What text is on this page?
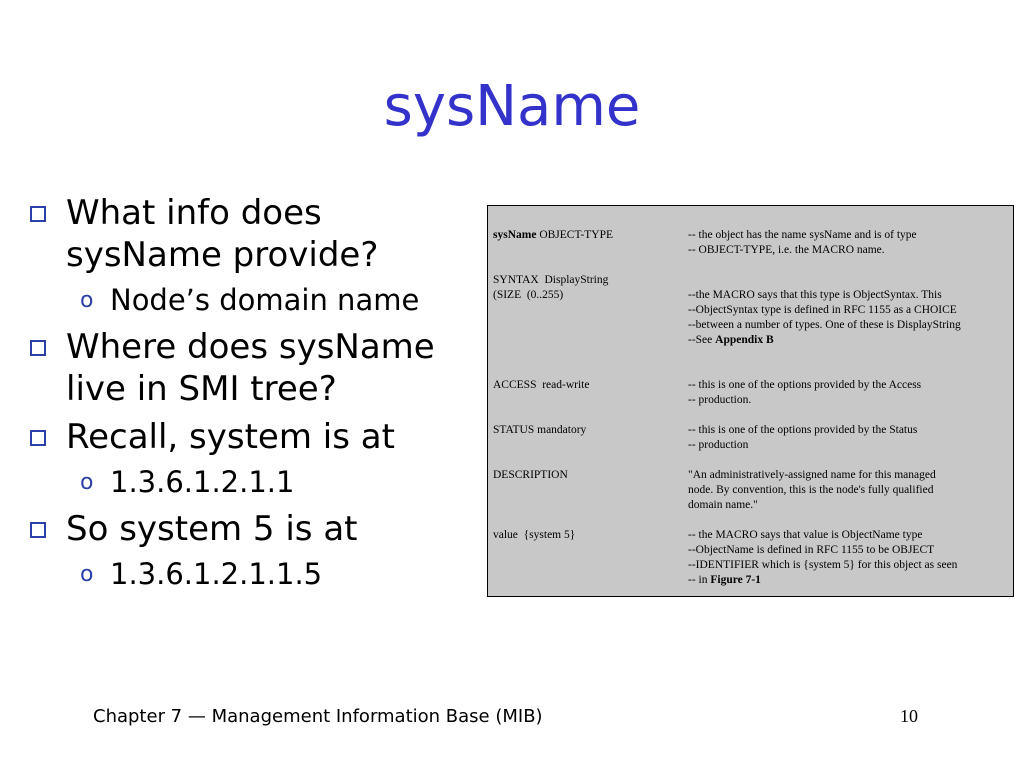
sysName
What info does sysName provide?
o Node’s domain name
Where does sysName live in SMI tree?
Recall, system is at
o 1.3.6.1.2.1.1
So system 5 is at
o 1.3.6.1.2.1.1.5
sysName OBJECT-TYPE	-- the object has the name sysName and is of type
-- OBJECT-TYPE, i.e. the MACRO name.
SYNTAX  DisplayString
(SIZE  (0..255)	--the MACRO says that this type is ObjectSyntax. This
--ObjectSyntax type is defined in RFC 1155 as a CHOICE
--between a number of types. One of these is DisplayString
--See Appendix B
ACCESS  read-write	-- this is one of the options provided by the Access
-- production.
STATUS mandatory	-- this is one of the options provided by the Status
-- production
DESCRIPTION	"An administratively-assigned name for this managed
node. By convention, this is the node's fully qualified
domain name."
value  {system 5}	-- the MACRO says that value is ObjectName type
--ObjectName is defined in RFC 1155 to be OBJECT
--IDENTIFIER which is {system 5} for this object as seen
-- in Figure 7-1
Chapter 7 — Management Information Base (MIB)	10
